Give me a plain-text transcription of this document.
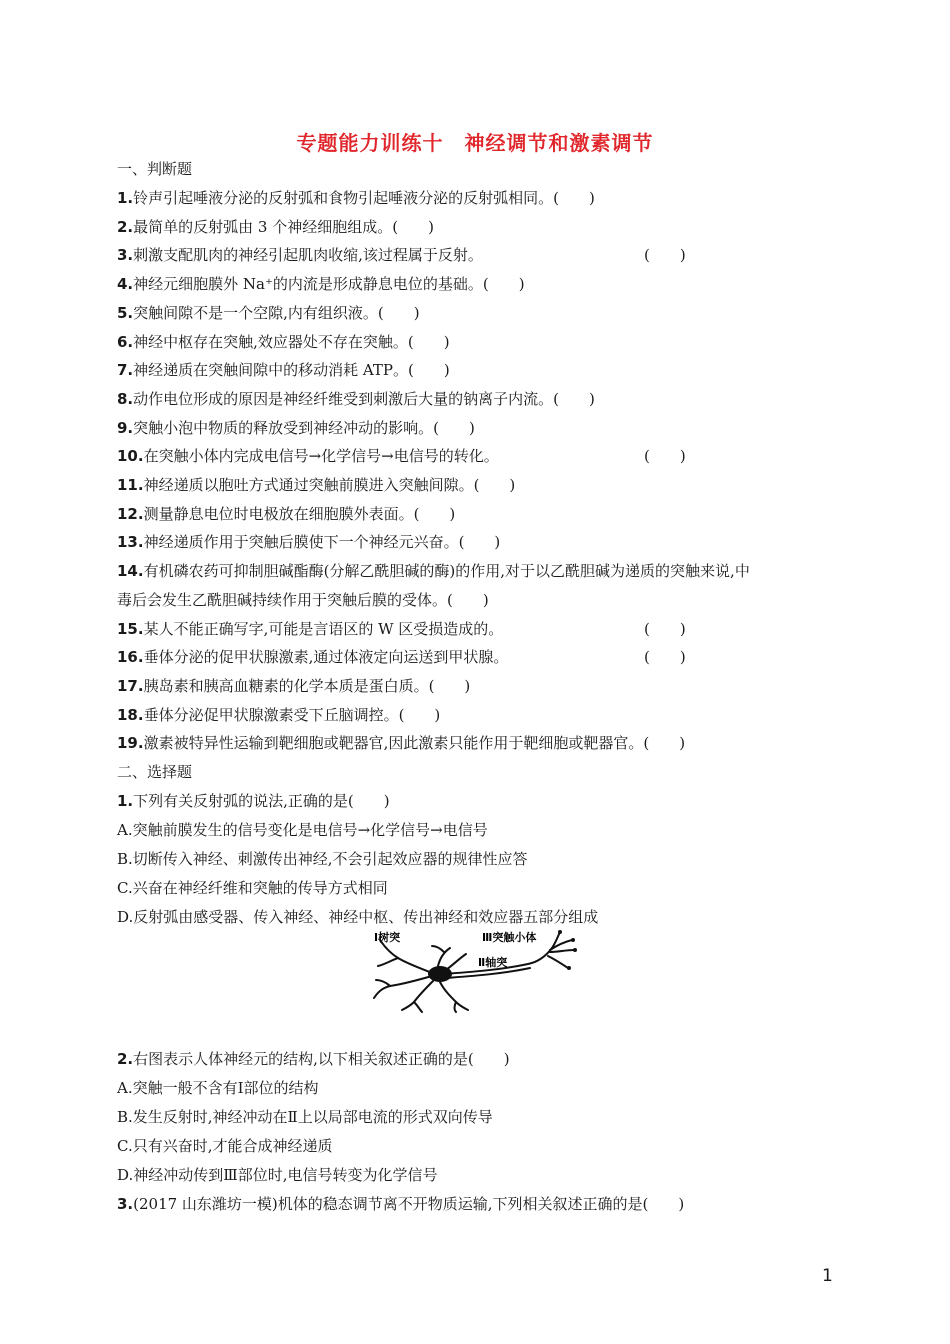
专题能力训练十　神经调节和激素调节
一、判断题
1.铃声引起唾液分泌的反射弧和食物引起唾液分泌的反射弧相同。(　　)
2.最简单的反射弧由 3 个神经细胞组成。(　　)
3.刺激支配肌肉的神经引起肌肉收缩,该过程属于反射。	(　　)
4.神经元细胞膜外 Na⁺的内流是形成静息电位的基础。(　　)
5.突触间隙不是一个空隙,内有组织液。(　　)
6.神经中枢存在突触,效应器处不存在突触。(　　)
7.神经递质在突触间隙中的移动消耗 ATP。(　　)
8.动作电位形成的原因是神经纤维受到刺激后大量的钠离子内流。(　　)
9.突触小泡中物质的释放受到神经冲动的影响。(　　)
10.在突触小体内完成电信号→化学信号→电信号的转化。	(　　)
11.神经递质以胞吐方式通过突触前膜进入突触间隙。(　　)
12.测量静息电位时电极放在细胞膜外表面。(　　)
13.神经递质作用于突触后膜使下一个神经元兴奋。(　　)
14.有机磷农药可抑制胆碱酯酶(分解乙酰胆碱的酶)的作用,对于以乙酰胆碱为递质的突触来说,中
毒后会发生乙酰胆碱持续作用于突触后膜的受体。(　　)
15.某人不能正确写字,可能是言语区的 W 区受损造成的。	(　　)
16.垂体分泌的促甲状腺激素,通过体液定向运送到甲状腺。	(　　)
17.胰岛素和胰高血糖素的化学本质是蛋白质。(　　)
18.垂体分泌促甲状腺激素受下丘脑调控。(　　)
19.激素被特异性运输到靶细胞或靶器官,因此激素只能作用于靶细胞或靶器官。(　　)
二、选择题
1.下列有关反射弧的说法,正确的是(　　)
A.突触前膜发生的信号变化是电信号→化学信号→电信号
B.切断传入神经、刺激传出神经,不会引起效应器的规律性应答
C.兴奋在神经纤维和突触的传导方式相同
D.反射弧由感受器、传入神经、神经中枢、传出神经和效应器五部分组成
Ⅰ树突	Ⅲ突触小体
Ⅱ轴突
2.右图表示人体神经元的结构,以下相关叙述正确的是(　　)
A.突触一般不含有Ⅰ部位的结构
B.发生反射时,神经冲动在Ⅱ上以局部电流的形式双向传导
C.只有兴奋时,才能合成神经递质
D.神经冲动传到Ⅲ部位时,电信号转变为化学信号
3.(2017 山东潍坊一模)机体的稳态调节离不开物质运输,下列相关叙述正确的是(　　)
1
